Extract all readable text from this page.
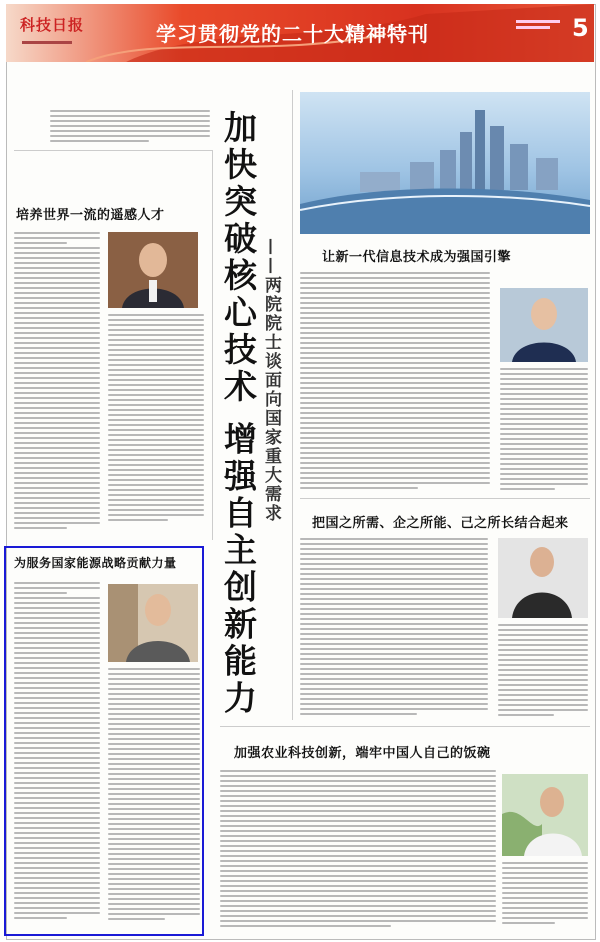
科技日报	学习贯彻党的二十大精神特刊	5
加快突破核心技术 增强自主创新能力 ——两院院士谈面向国家重大需求
培养世界一流的遥感人才
让新一代信息技术成为强国引擎
把国之所需、企之所能、己之所长结合起来
为服务国家能源战略贡献力量
加强农业科技创新，端牢中国人自己的饭碗
